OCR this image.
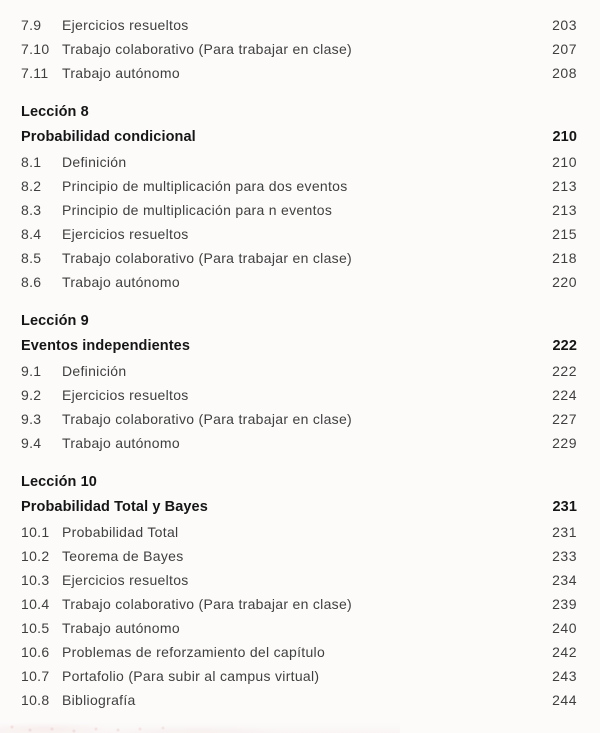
7.9	Ejercicios resueltos	203
7.10 Trabajo colaborativo (Para trabajar en clase)	207
7.11 Trabajo autónomo	208
Lección 8
Probabilidad condicional	210
8.1	Definición	210
8.2	Principio de multiplicación para dos eventos	213
8.3	Principio de multiplicación para n eventos	213
8.4	Ejercicios resueltos	215
8.5	Trabajo colaborativo (Para trabajar en clase)	218
8.6	Trabajo autónomo	220
Lección 9
Eventos independientes	222
9.1	Definición	222
9.2	Ejercicios resueltos	224
9.3	Trabajo colaborativo (Para trabajar en clase)	227
9.4	Trabajo autónomo	229
Lección 10
Probabilidad Total y Bayes	231
10.1 Probabilidad Total	231
10.2 Teorema de Bayes	233
10.3 Ejercicios resueltos	234
10.4 Trabajo colaborativo (Para trabajar en clase)	239
10.5 Trabajo autónomo	240
10.6 Problemas de reforzamiento del capítulo	242
10.7 Portafolio (Para subir al campus virtual)	243
10.8 Bibliografía	244
